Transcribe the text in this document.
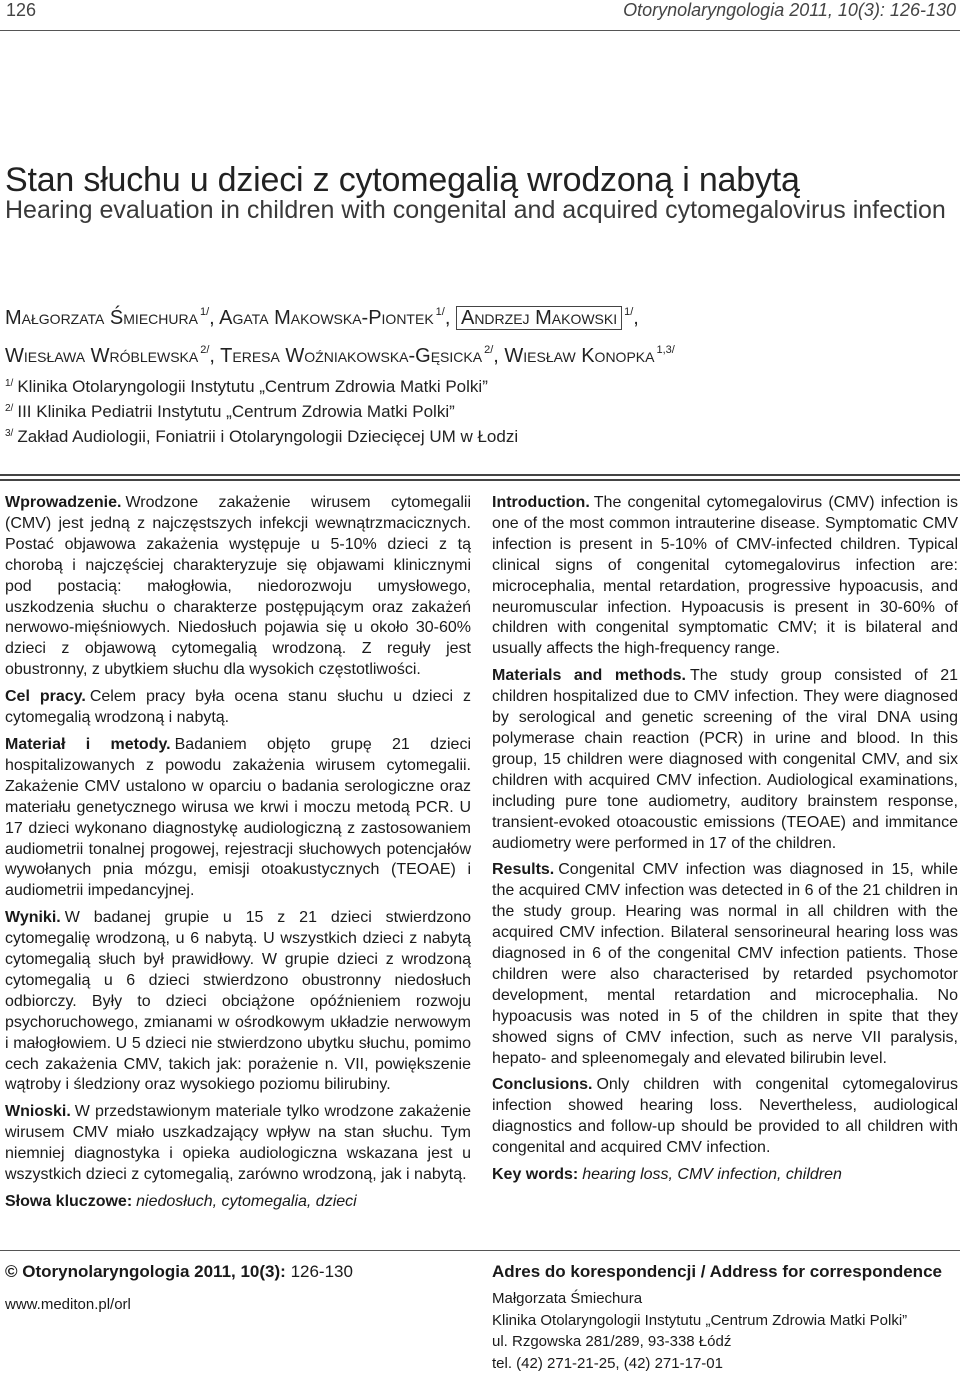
126	Otorynolaryngologia 2011, 10(3): 126-130
Stan słuchu u dzieci z cytomegalią wrodzoną i nabytą
Hearing evaluation in children with congenital and acquired cytomegalovirus infection
Małgorzata Śmiechura $^{1/}$, Agata Makowska-Piontek $^{1/}$, Andrzej Makowski $^{1/}$,
Wiesława Wróblewska $^{2/}$, Teresa Woźniakowska-Gęsicka $^{2/}$, Wiesław Konopka $^{1,3/}$
$^{1/}$ Klinika Otolaryngologii Instytutu „Centrum Zdrowia Matki Polki”
$^{2/}$ III Klinika Pediatrii Instytutu „Centrum Zdrowia Matki Polki”
$^{3/}$ Zakład Audiologii, Foniatrii i Otolaryngologii Dziecięcej UM w Łodzi

Wprowadzenie. Wrodzone zakażenie wirusem cytomegalii (CMV) jest jedną z najczęstszych infekcji wewnątrzmacicznych. Postać objawowa zakażenia występuje u 5-10% dzieci z tą chorobą i najczęściej charakteryzuje się objawami klinicznymi pod postacią: małogłowia, niedorozwoju umysłowego, uszkodzenia słuchu o charakterze postępującym oraz zakażeń nerwowo-mięśniowych. Niedosłuch pojawia się u około 30-60% dzieci z objawową cytomegalią wrodzoną. Z reguły jest obustronny, z ubytkiem słuchu dla wysokich częstotliwości.

Cel pracy. Celem pracy była ocena stanu słuchu u dzieci z cytomegalią wrodzoną i nabytą.

Materiał i metody. Badaniem objęto grupę 21 dzieci hospitalizowanych z powodu zakażenia wirusem cytomegalii. Zakażenie CMV ustalono w oparciu o badania serologiczne oraz materiału genetycznego wirusa we krwi i moczu metodą PCR. U 17 dzieci wykonano diagnostykę audiologiczną z zastosowaniem audiometrii tonalnej progowej, rejestracji słuchowych potencjałów wywołanych pnia mózgu, emisji otoakustycznych (TEOAE) i audiometrii impedancyjnej.

Wyniki. W badanej grupie u 15 z 21 dzieci stwierdzono cytomegalię wrodzoną, u 6 nabytą. U wszystkich dzieci z nabytą cytomegalią słuch był prawidłowy. W grupie dzieci z wrodzoną cytomegalią u 6 dzieci stwierdzono obustronny niedosłuch odbiorczy. Były to dzieci obciążone opóźnieniem rozwoju psychoruchowego, zmianami w ośrodkowym układzie nerwowym i małogłowiem. U 5 dzieci nie stwierdzono ubytku słuchu, pomimo cech zakażenia CMV, takich jak: porażenie n. VII, powiększenie wątroby i śledziony oraz wysokiego poziomu bilirubiny.

Wnioski. W przedstawionym materiale tylko wrodzone zakażenie wirusem CMV miało uszkadzający wpływ na stan słuchu. Tym niemniej diagnostyka i opieka audiologiczna wskazana jest u wszystkich dzieci z cytomegalią, zarówno wrodzoną, jak i nabytą.

Słowa kluczowe: niedosłuch, cytomegalia, dzieci

Introduction. The congenital cytomegalovirus (CMV) infection is one of the most common intrauterine disease. Symptomatic CMV infection is present in 5-10% of CMV-infected children. Typical clinical signs of congenital cytomegalovirus infection are: microcephalia, mental retardation, progressive hypoacusis, and neuromuscular infection. Hypoacusis is present in 30-60% of children with congenital symptomatic CMV; it is bilateral and usually affects the high-frequency range.

Materials and methods. The study group consisted of 21 children hospitalized due to CMV infection. They were diagnosed by serological and genetic screening of the viral DNA using polymerase chain reaction (PCR) in urine and blood. In this group, 15 children were diagnosed with congenital CMV, and six children with acquired CMV infection. Audiological examinations, including pure tone audiometry, auditory brainstem response, transient-evoked otoacoustic emissions (TEOAE) and immitance audiometry were performed in 17 of the children.

Results. Congenital CMV infection was diagnosed in 15, while the acquired CMV infection was detected in 6 of the 21 children in the study group. Hearing was normal in all children with the acquired CMV infection. Bilateral sensorineural hearing loss was diagnosed in 6 of the congenital CMV infection patients. Those children were also characterised by retarded psychomotor development, mental retardation and microcephalia. No hypoacusis was noted in 5 of the children in spite that they showed signs of CMV infection, such as nerve VII paralysis, hepato- and spleenomegaly and elevated bilirubin level.

Conclusions. Only children with congenital cytomegalovirus infection showed hearing loss. Nevertheless, audiological diagnostics and follow-up should be provided to all children with congenital and acquired CMV infection.

Key words: hearing loss, CMV infection, children

© Otorynolaryngologia 2011, 10(3): 126-130
www.mediton.pl/orl
Adres do korespondencji / Address for correspondence
Małgorzata Śmiechura
Klinika Otolaryngologii Instytutu „Centrum Zdrowia Matki Polki”
ul. Rzgowska 281/289, 93-338 Łódź
tel. (42) 271-21-25, (42) 271-17-01
